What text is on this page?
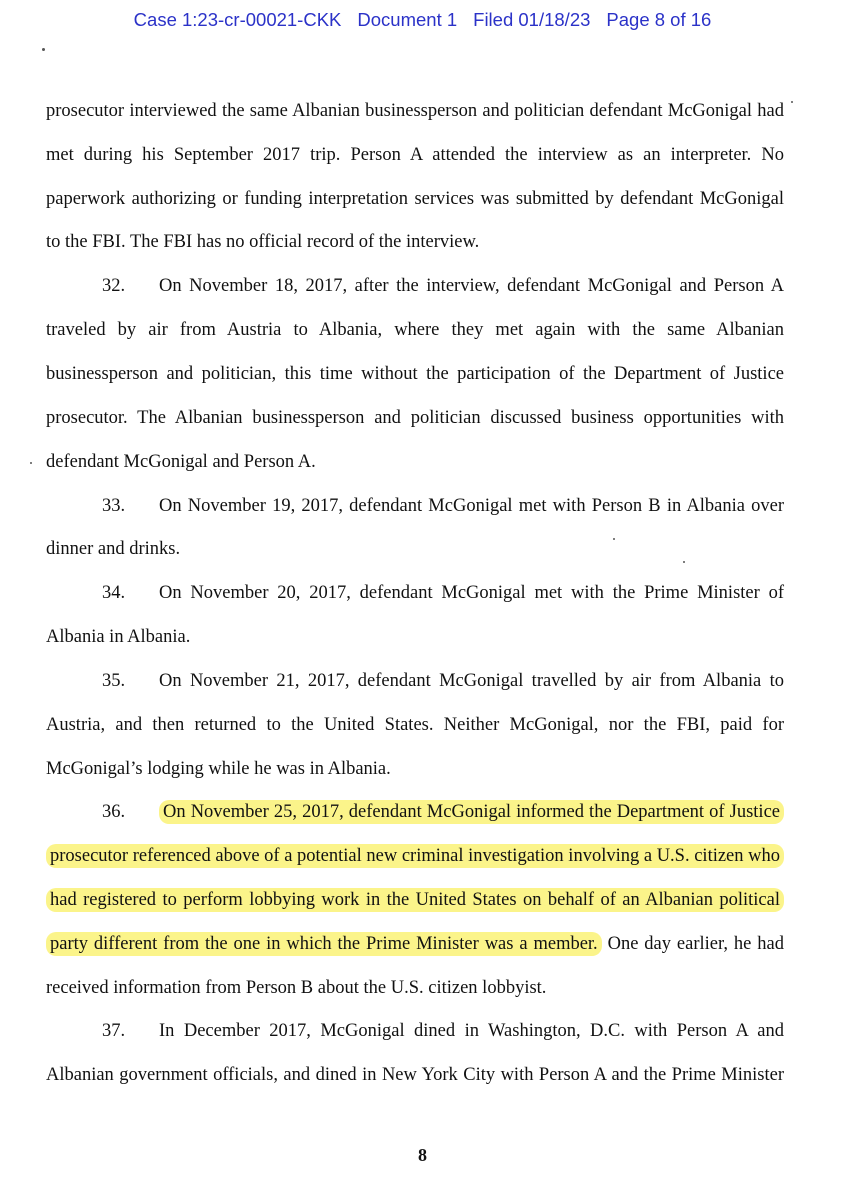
Case 1:23-cr-00021-CKK Document 1 Filed 01/18/23 Page 8 of 16
prosecutor interviewed the same Albanian businessperson and politician defendant McGonigal had
met during his September 2017 trip. Person A attended the interview as an interpreter. No
paperwork authorizing or funding interpretation services was submitted by defendant McGonigal
to the FBI. The FBI has no official record of the interview.
32. On November 18, 2017, after the interview, defendant McGonigal and Person A
traveled by air from Austria to Albania, where they met again with the same Albanian
businessperson and politician, this time without the participation of the Department of Justice
prosecutor. The Albanian businessperson and politician discussed business opportunities with
defendant McGonigal and Person A.
33. On November 19, 2017, defendant McGonigal met with Person B in Albania over
dinner and drinks.
34. On November 20, 2017, defendant McGonigal met with the Prime Minister of
Albania in Albania.
35. On November 21, 2017, defendant McGonigal travelled by air from Albania to
Austria, and then returned to the United States. Neither McGonigal, nor the FBI, paid for
McGonigal’s lodging while he was in Albania.
36. On November 25, 2017, defendant McGonigal informed the Department of Justice
prosecutor referenced above of a potential new criminal investigation involving a U.S. citizen who
had registered to perform lobbying work in the United States on behalf of an Albanian political
party different from the one in which the Prime Minister was a member. One day earlier, he had
received information from Person B about the U.S. citizen lobbyist.
37. In December 2017, McGonigal dined in Washington, D.C. with Person A and
Albanian government officials, and dined in New York City with Person A and the Prime Minister
8
